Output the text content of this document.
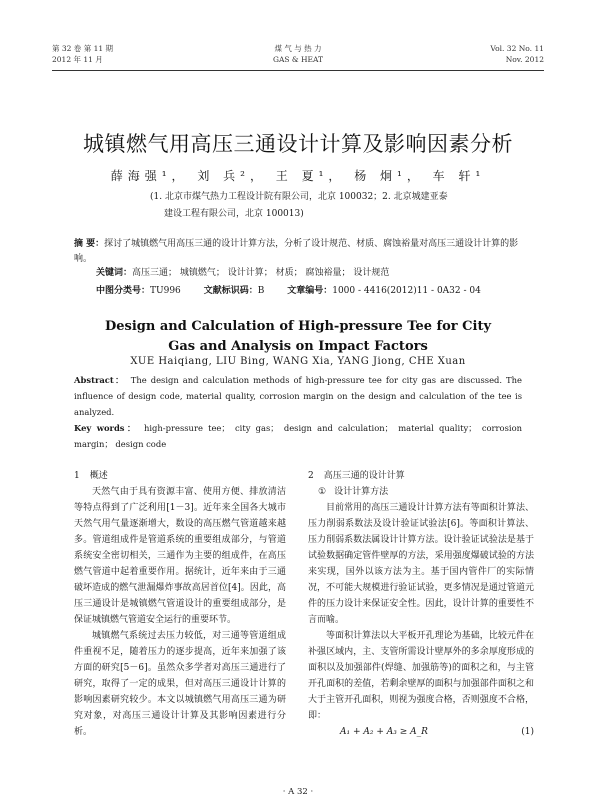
第 32 卷 第 11 期
2012 年 11 月
煤 气 与 热 力
GAS & HEAT
Vol. 32 No. 11
Nov. 2012
城镇燃气用高压三通设计计算及影响因素分析
薛海强¹， 刘 兵²， 王 夏¹， 杨 炯¹， 车 轩¹
(1. 北京市煤气热力工程设计院有限公司，北京 100032；2. 北京城建亚泰
建设工程有限公司，北京 100013)
摘 要：探讨了城镇燃气用高压三通的设计计算方法，分析了设计规范、材质、腐蚀裕量对高压三通设计计算的影响。
关键词：高压三通； 城镇燃气； 设计计算； 材质； 腐蚀裕量； 设计规范
中图分类号：TU996	文献标识码：B	文章编号：1000 - 4416(2012)11 - 0A32 - 04
Design and Calculation of High-pressure Tee for City
Gas and Analysis on Impact Factors
XUE Haiqiang, LIU Bing, WANG Xia, YANG Jiong, CHE Xuan
Abstract： The design and calculation methods of high-pressure tee for city gas are discussed. The influence of design code, material quality, corrosion margin on the design and calculation of the tee is analyzed.
Key words： high-pressure tee； city gas； design and calculation； material quality； corrosion margin； design code
1 概述

天然气由于具有资源丰富、使用方便、排放清洁等特点得到了广泛利用[1－3]。近年来全国各大城市天然气用气量逐渐增大，数设的高压燃气管道越来越多。管道组成件是管道系统的重要组成部分，与管道系统安全密切相关，三通作为主要的组成件，在高压燃气管道中起着重要作用。据统计，近年来由于三通破坏造成的燃气泄漏爆炸事故高居首位[4]。因此，高压三通设计是城镇燃气管道设计的重要组成部分，是保证城镇燃气管道安全运行的重要环节。

城镇燃气系统过去压力较低，对三通等管道组成件重视不足，随着压力的逐步提高，近年来加强了该方面的研究[5－6]。虽然众多学者对高压三通进行了研究，取得了一定的成果，但对高压三通设计计算的影响因素研究较少。本文以城镇燃气用高压三通为研究对象，对高压三通设计计算及其影响因素进行分析。

2 高压三通的设计计算
① 设计计算方法

目前常用的高压三通设计计算方法有等面积计算法、压力削弱系数法及设计验证试验法[6]。等面积计算法、压力削弱系数法属设计计算方法。设计验证试验法是基于试验数据确定管件壁厚的方法，采用强度爆破试验的方法来实现，国外以该方法为主。基于国内管件厂的实际情况，不可能大规模进行验证试验，更多情况是通过管道元件的压力设计来保证安全性。因此，设计计算的重要性不言而喻。

等面积计算法以大平板开孔理论为基础，比较元件在补强区域内，主、支管所需设计壁厚外的多余厚度形成的面积以及加强部件(焊缝、加强筋等)的面积之和，与主管开孔面积的差值，若剩余壁厚的面积与加强部件面积之和大于主管开孔面积，则视为强度合格，否则强度不合格，即：

A₁ + A₂ + A₃ ≥ A_R	(1)
· A 32 ·
